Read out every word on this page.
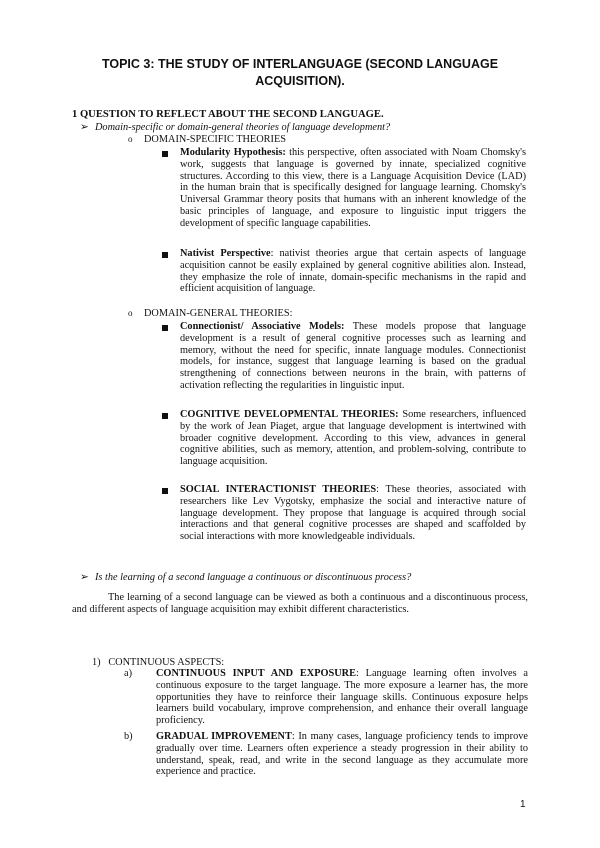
TOPIC 3: THE STUDY OF INTERLANGUAGE (SECOND LANGUAGE ACQUISITION).
1 QUESTION TO REFLECT ABOUT THE SECOND LANGUAGE.
➢ Domain-specific or domain-general theories of language development?
o DOMAIN-SPECIFIC THEORIES

Modularity Hypothesis: this perspective, often associated with Noam Chomsky's work, suggests that language is governed by innate, specialized cognitive structures. According to this view, there is a Language Acquisition Device (LAD) in the human brain that is specifically designed for language learning. Chomsky's Universal Grammar theory posits that humans with an inherent knowledge of the basic principles of language, and exposure to linguistic input triggers the development of specific language capabilities.

Nativist Perspective: nativist theories argue that certain aspects of language acquisition cannot be easily explained by general cognitive abilities alon. Instead, they emphasize the role of innate, domain-specific mechanisms in the rapid and efficient acquisition of language.

o DOMAIN-GENERAL THEORIES:

Connectionist/ Associative Models: These models propose that language development is a result of general cognitive processes such as learning and memory, without the need for specific, innate language modules. Connectionist models, for instance, suggest that language learning is based on the gradual strengthening of connections between neurons in the brain, with patterns of activation reflecting the regularities in linguistic input.

COGNITIVE DEVELOPMENTAL THEORIES: Some researchers, influenced by the work of Jean Piaget, argue that language development is intertwined with broader cognitive development. According to this view, advances in general cognitive abilities, such as memory, attention, and problem-solving, contribute to language acquisition.

SOCIAL INTERACTIONIST THEORIES: These theories, associated with researchers like Lev Vygotsky, emphasize the social and interactive nature of language development. They propose that language is acquired through social interactions and that general cognitive processes are shaped and scaffolded by social interactions with more knowledgeable individuals.

➢ Is the learning of a second language a continuous or discontinuous process?
The learning of a second language can be viewed as both a continuous and a discontinuous process, and different aspects of language acquisition may exhibit different characteristics.
1) CONTINUOUS ASPECTS:
a) CONTINUOUS INPUT AND EXPOSURE: Language learning often involves a continuous exposure to the target language. The more exposure a learner has, the more opportunities they have to reinforce their language skills. Continuous exposure helps learners build vocabulary, improve comprehension, and enhance their overall language proficiency.

b) GRADUAL IMPROVEMENT: In many cases, language proficiency tends to improve gradually over time. Learners often experience a steady progression in their ability to understand, speak, read, and write in the second language as they accumulate more experience and practice.

1
